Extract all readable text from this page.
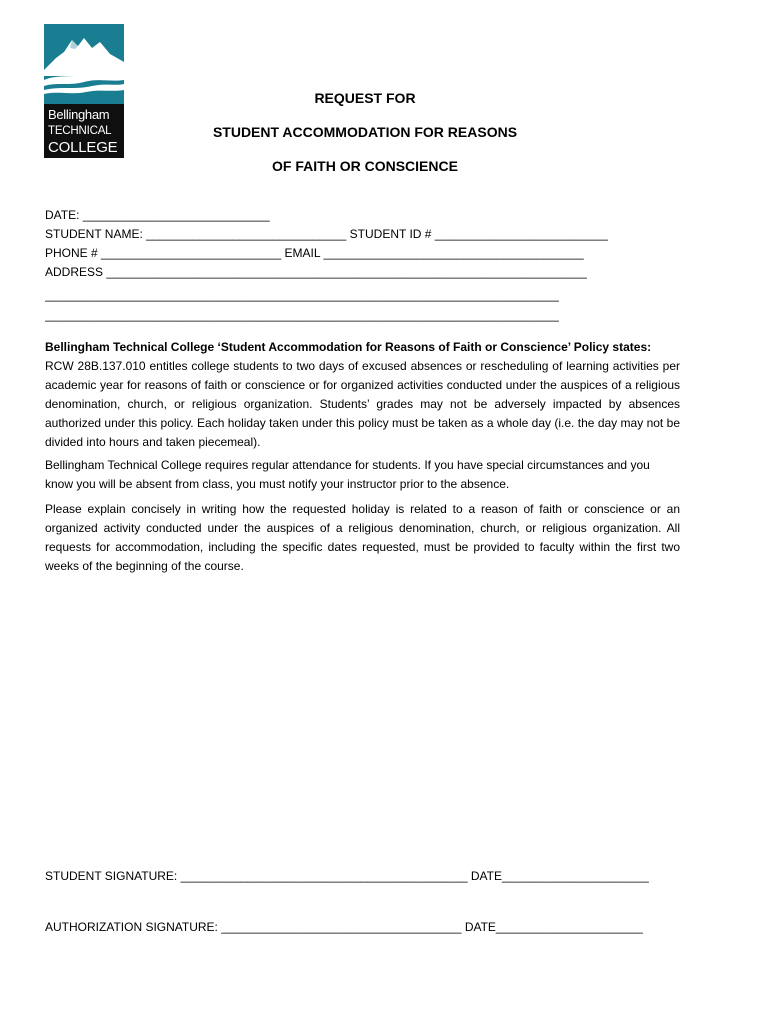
Bellingham
TECHNICAL
COLLEGE
REQUEST FOR
STUDENT ACCOMMODATION FOR REASONS
OF FAITH OR CONSCIENCE
DATE: ____________________________
STUDENT NAME: ______________________________ STUDENT ID # __________________________
PHONE # ___________________________ EMAIL _______________________________________
ADDRESS ________________________________________________________________________
_____________________________________________________________________________
_____________________________________________________________________________
Bellingham Technical College ‘Student Accommodation for Reasons of Faith or Conscience’ Policy states:
RCW 28B.137.010 entitles college students to two days of excused absences or rescheduling of learning activities per academic year for reasons of faith or conscience or for organized activities conducted under the auspices of a religious denomination, church, or religious organization. Students’ grades may not be adversely impacted by absences authorized under this policy. Each holiday taken under this policy must be taken as a whole day (i.e. the day may not be divided into hours and taken piecemeal).
Bellingham Technical College requires regular attendance for students. If you have special circumstances and you know you will be absent from class, you must notify your instructor prior to the absence.
Please explain concisely in writing how the requested holiday is related to a reason of faith or conscience or an organized activity conducted under the auspices of a religious denomination, church, or religious organization. All requests for accommodation, including the specific dates requested, must be provided to faculty within the first two weeks of the beginning of the course.
STUDENT SIGNATURE: ___________________________________________ DATE______________________
AUTHORIZATION SIGNATURE: ____________________________________ DATE______________________
